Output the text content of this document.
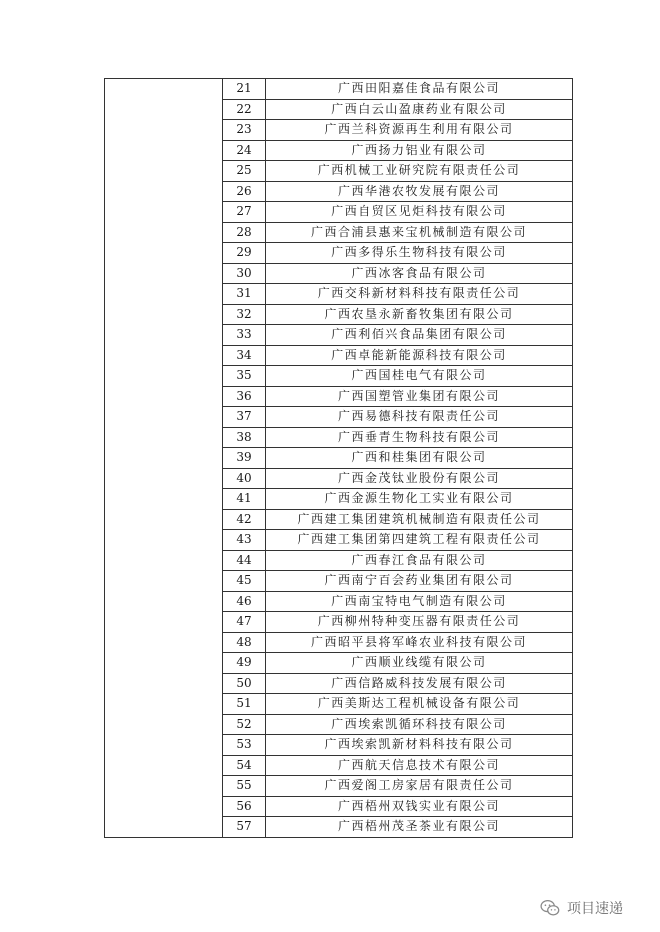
	21	广西田阳嘉佳食品有限公司
	22	广西白云山盈康药业有限公司
	23	广西兰科资源再生利用有限公司
	24	广西扬力铝业有限公司
	25	广西机械工业研究院有限责任公司
	26	广西华港农牧发展有限公司
	27	广西自贸区见炬科技有限公司
	28	广西合浦县惠来宝机械制造有限公司
	29	广西多得乐生物科技有限公司
	30	广西冰客食品有限公司
	31	广西交科新材料科技有限责任公司
	32	广西农垦永新畜牧集团有限公司
	33	广西利佰兴食品集团有限公司
	34	广西卓能新能源科技有限公司
	35	广西国桂电气有限公司
	36	广西国塑管业集团有限公司
	37	广西易德科技有限责任公司
	38	广西垂青生物科技有限公司
	39	广西和桂集团有限公司
	40	广西金茂钛业股份有限公司
	41	广西金源生物化工实业有限公司
	42	广西建工集团建筑机械制造有限责任公司
	43	广西建工集团第四建筑工程有限责任公司
	44	广西春江食品有限公司
	45	广西南宁百会药业集团有限公司
	46	广西南宝特电气制造有限公司
	47	广西柳州特种变压器有限责任公司
	48	广西昭平县将军峰农业科技有限公司
	49	广西顺业线缆有限公司
	50	广西信路威科技发展有限公司
	51	广西美斯达工程机械设备有限公司
	52	广西埃索凯循环科技有限公司
	53	广西埃索凯新材料科技有限公司
	54	广西航天信息技术有限公司
	55	广西爱阁工房家居有限责任公司
	56	广西梧州双钱实业有限公司
	57	广西梧州茂圣茶业有限公司
项目速递
